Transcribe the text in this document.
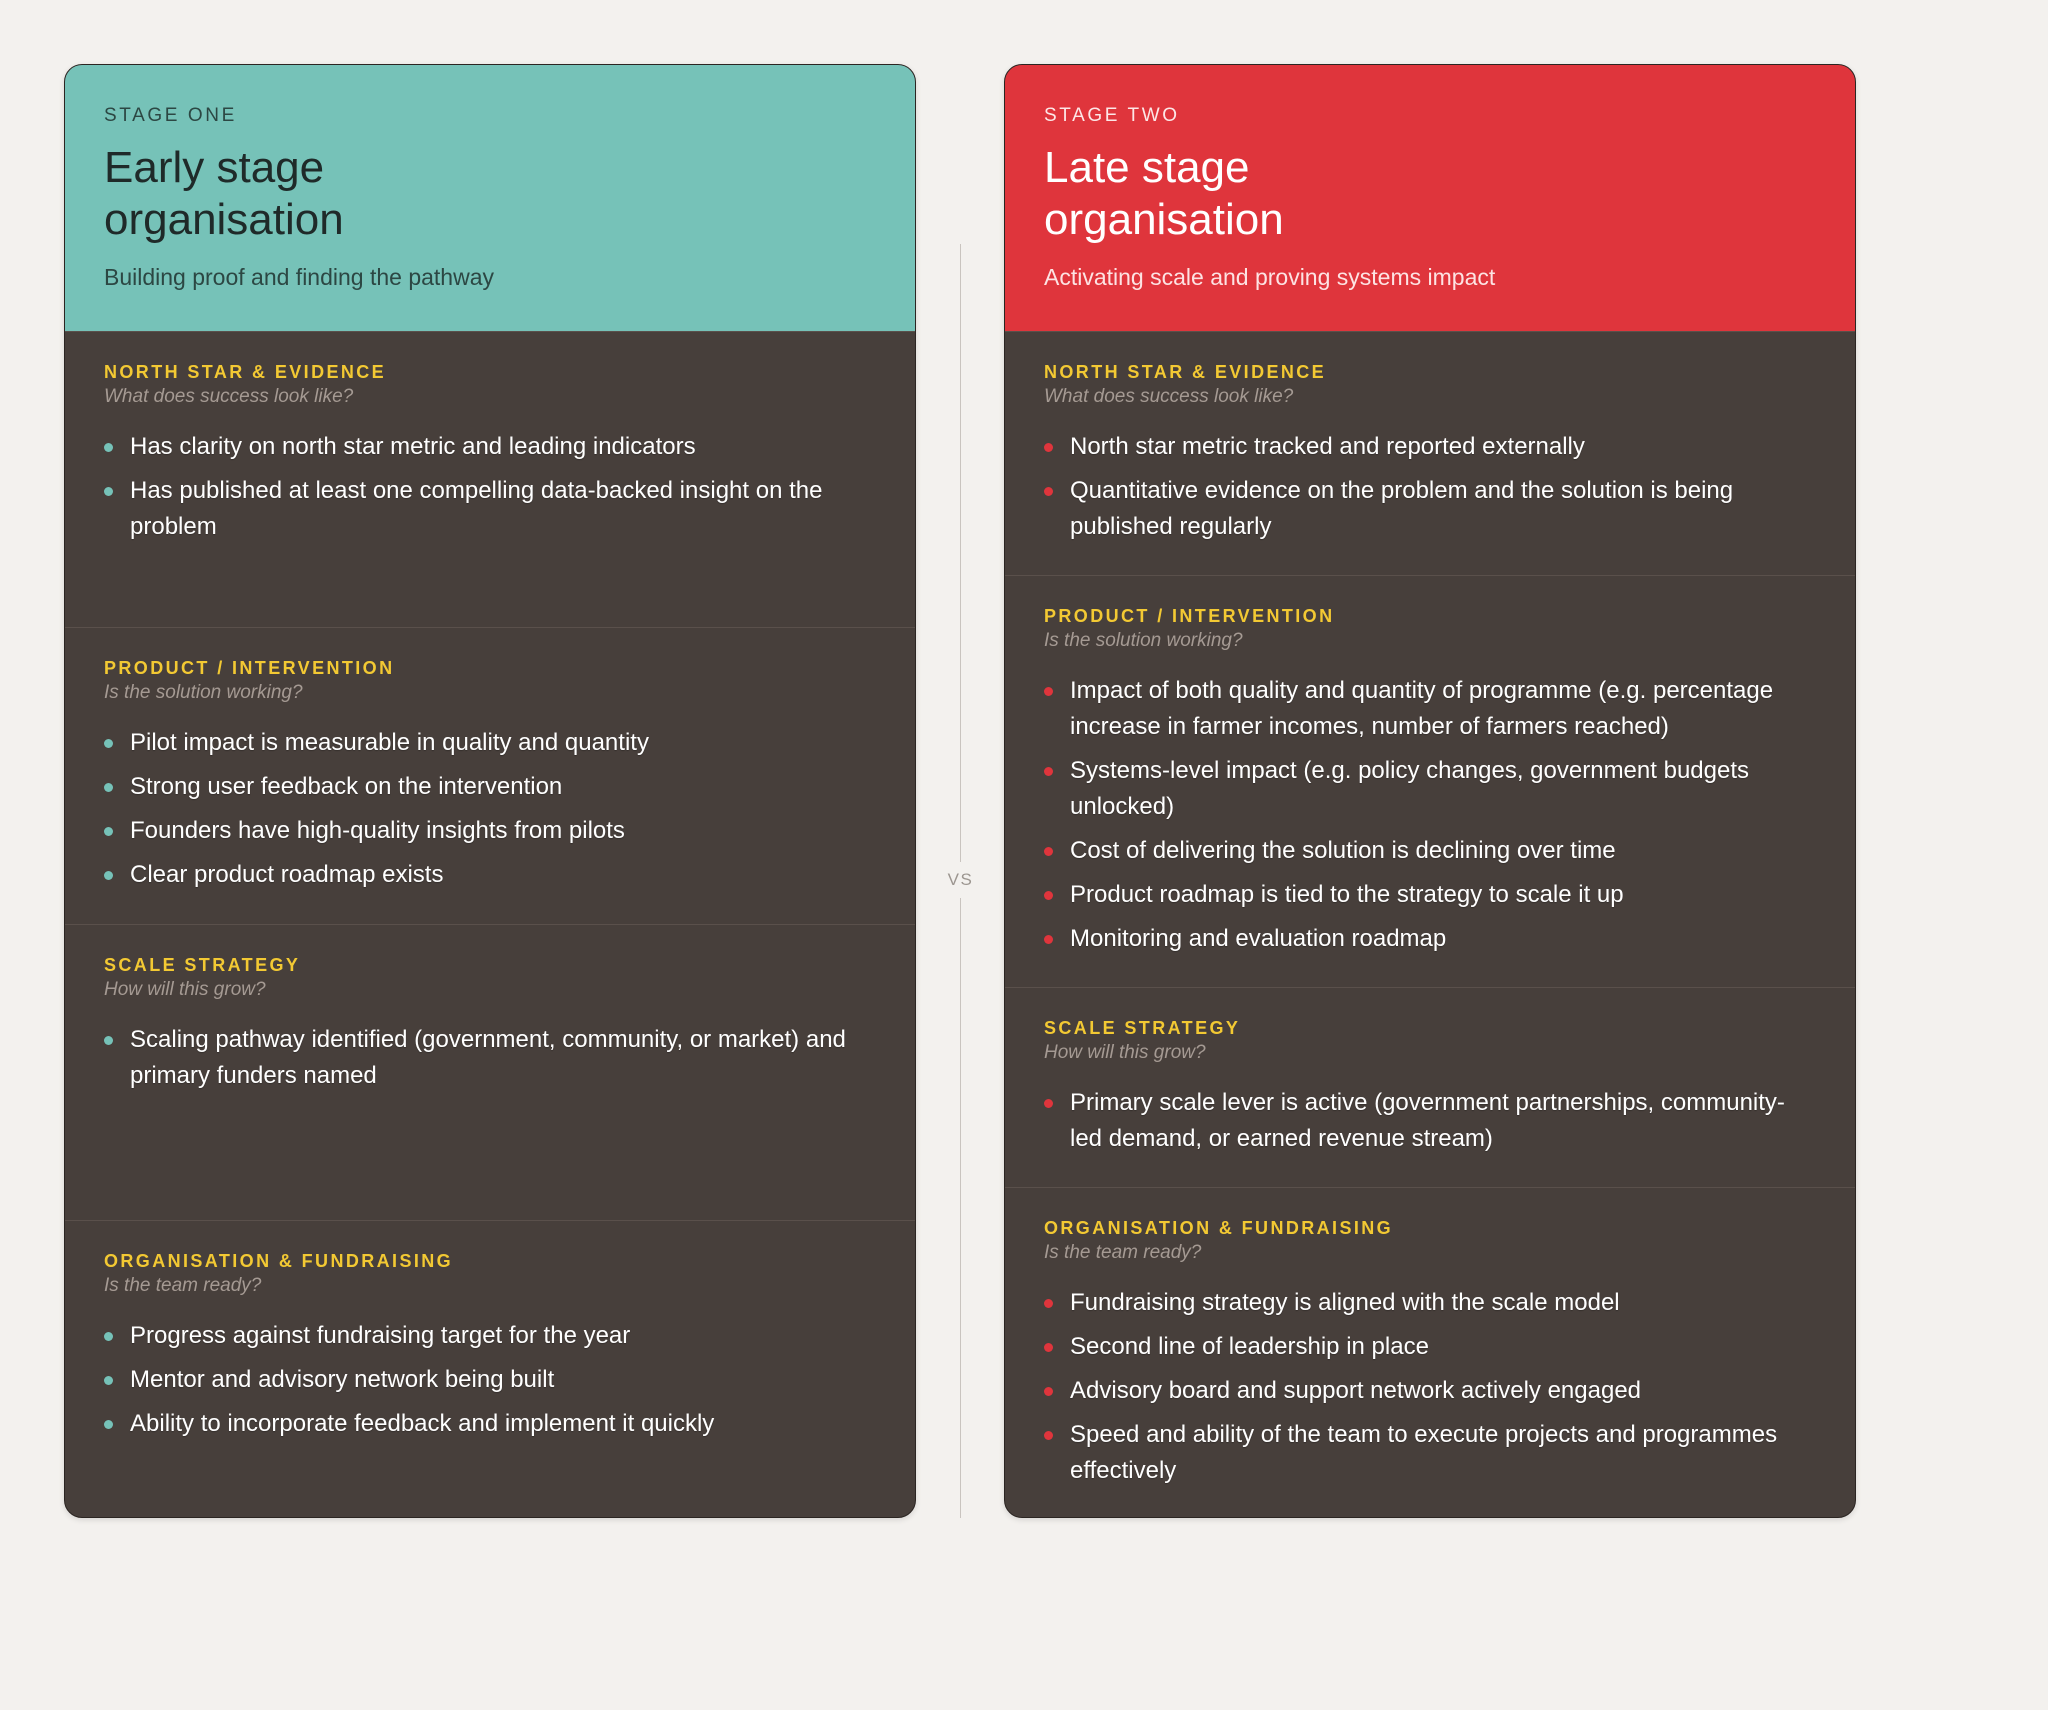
STAGE ONE
Early stage organisation
Building proof and finding the pathway
NORTH STAR & EVIDENCE
What does success look like?
Has clarity on north star metric and leading indicators
Has published at least one compelling data-backed insight on the problem
PRODUCT / INTERVENTION
Is the solution working?
Pilot impact is measurable in quality and quantity
Strong user feedback on the intervention
Founders have high-quality insights from pilots
Clear product roadmap exists
SCALE STRATEGY
How will this grow?
Scaling pathway identified (government, community, or market) and primary funders named
ORGANISATION & FUNDRAISING
Is the team ready?
Progress against fundraising target for the year
Mentor and advisory network being built
Ability to incorporate feedback and implement it quickly
VS
STAGE TWO
Late stage organisation
Activating scale and proving systems impact
NORTH STAR & EVIDENCE
What does success look like?
North star metric tracked and reported externally
Quantitative evidence on the problem and the solution is being published regularly
PRODUCT / INTERVENTION
Is the solution working?
Impact of both quality and quantity of programme (e.g. percentage increase in farmer incomes, number of farmers reached)
Systems-level impact (e.g. policy changes, government budgets unlocked)
Cost of delivering the solution is declining over time
Product roadmap is tied to the strategy to scale it up
Monitoring and evaluation roadmap
SCALE STRATEGY
How will this grow?
Primary scale lever is active (government partnerships, community-led demand, or earned revenue stream)
ORGANISATION & FUNDRAISING
Is the team ready?
Fundraising strategy is aligned with the scale model
Second line of leadership in place
Advisory board and support network actively engaged
Speed and ability of the team to execute projects and programmes effectively
